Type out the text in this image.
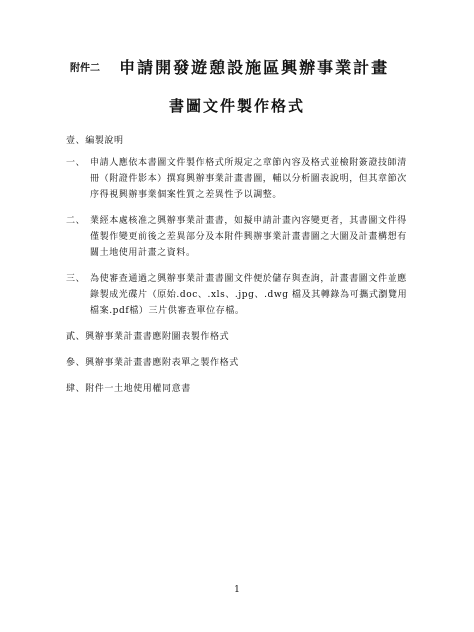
附件二 申請開發遊憩設施區興辦事業計畫
書圖文件製作格式

壹、編製說明

一、 申請人應依本書圖文件製作格式所規定之章節內容及格式並檢附簽證技師清冊（附證件影本）撰寫興辦事業計畫書圖，輔以分析圖表說明，但其章節次序得視興辦事業個案性質之差異性予以調整。
二、 業經本處核准之興辦事業計畫書，如擬申請計畫內容變更者，其書圖文件得僅製作變更前後之差異部分及本附件興辦事業計畫書圖之大圖及計畫構想有關土地使用計畫之資料。
三、 為使審查通過之興辦事業計畫書圖文件便於儲存與查詢，計畫書圖文件並應錄製成光碟片（原始.doc、.xls、.jpg、.dwg 檔及其轉錄為可攜式瀏覽用檔案.pdf檔）三片供審查單位存檔。

貳、興辦事業計畫書應附圖表製作格式

參、興辦事業計畫書應附表單之製作格式

肆、附件一土地使用權同意書

1
